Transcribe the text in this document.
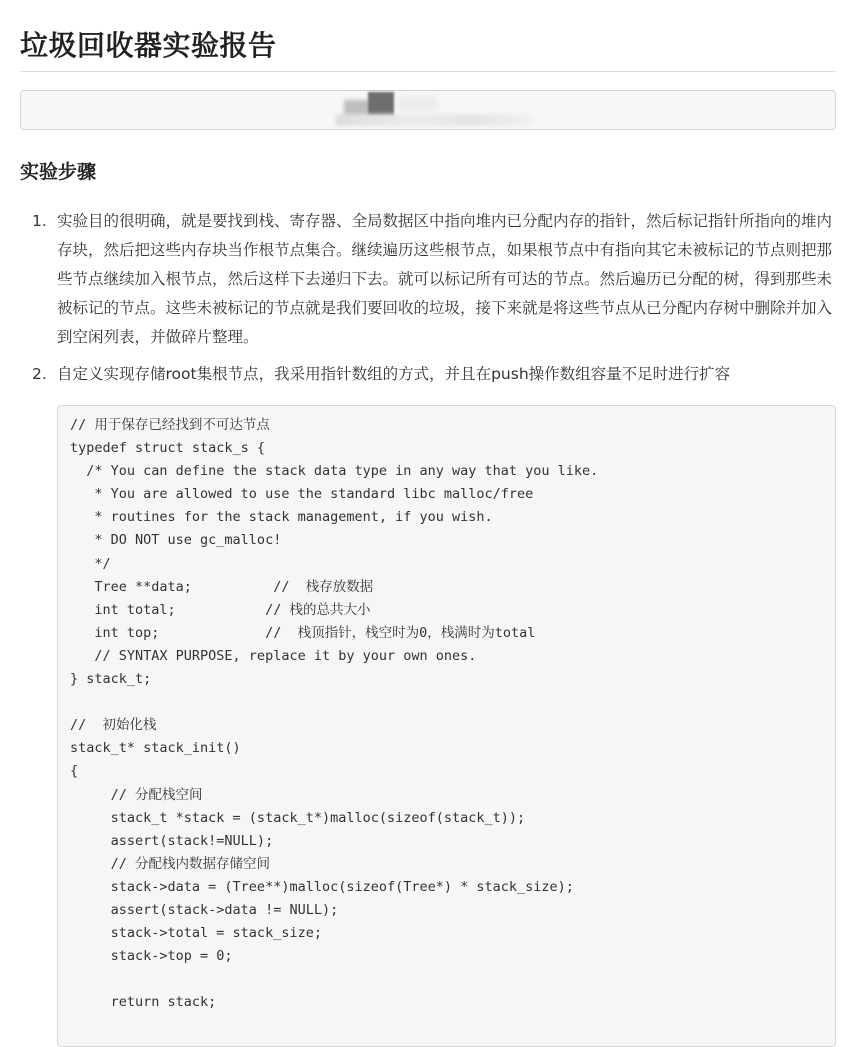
垃圾回收器实验报告
实验步骤
1. 实验目的很明确，就是要找到栈、寄存器、全局数据区中指向堆内已分配内存的指针，然后标记指针所指向的堆内存块，然后把这些内存块当作根节点集合。继续遍历这些根节点，如果根节点中有指向其它未被标记的节点则把那些节点继续加入根节点，然后这样下去递归下去。就可以标记所有可达的节点。然后遍历已分配的树，得到那些未被标记的节点。这些未被标记的节点就是我们要回收的垃圾，接下来就是将这些节点从已分配内存树中删除并加入到空闲列表，并做碎片整理。
2. 自定义实现存储root集根节点，我采用指针数组的方式，并且在push操作数组容量不足时进行扩容
// 用于保存已经找到不可达节点
typedef struct stack_s {
/* You can define the stack data type in any way that you like.
* You are allowed to use the standard libc malloc/free
* routines for the stack management, if you wish.
* DO NOT use gc_malloc!
*/
Tree **data;          //  栈存放数据
int total;           // 栈的总共大小
int top;             //  栈顶指针，栈空时为0，栈满时为total
// SYNTAX PURPOSE, replace it by your own ones.
} stack_t;

//  初始化栈
stack_t* stack_init()
{
// 分配栈空间
stack_t *stack = (stack_t*)malloc(sizeof(stack_t));
assert(stack!=NULL);
// 分配栈内数据存储空间
stack->data = (Tree**)malloc(sizeof(Tree*) * stack_size);
assert(stack->data != NULL);
stack->total = stack_size;
stack->top = 0;

return stack;
